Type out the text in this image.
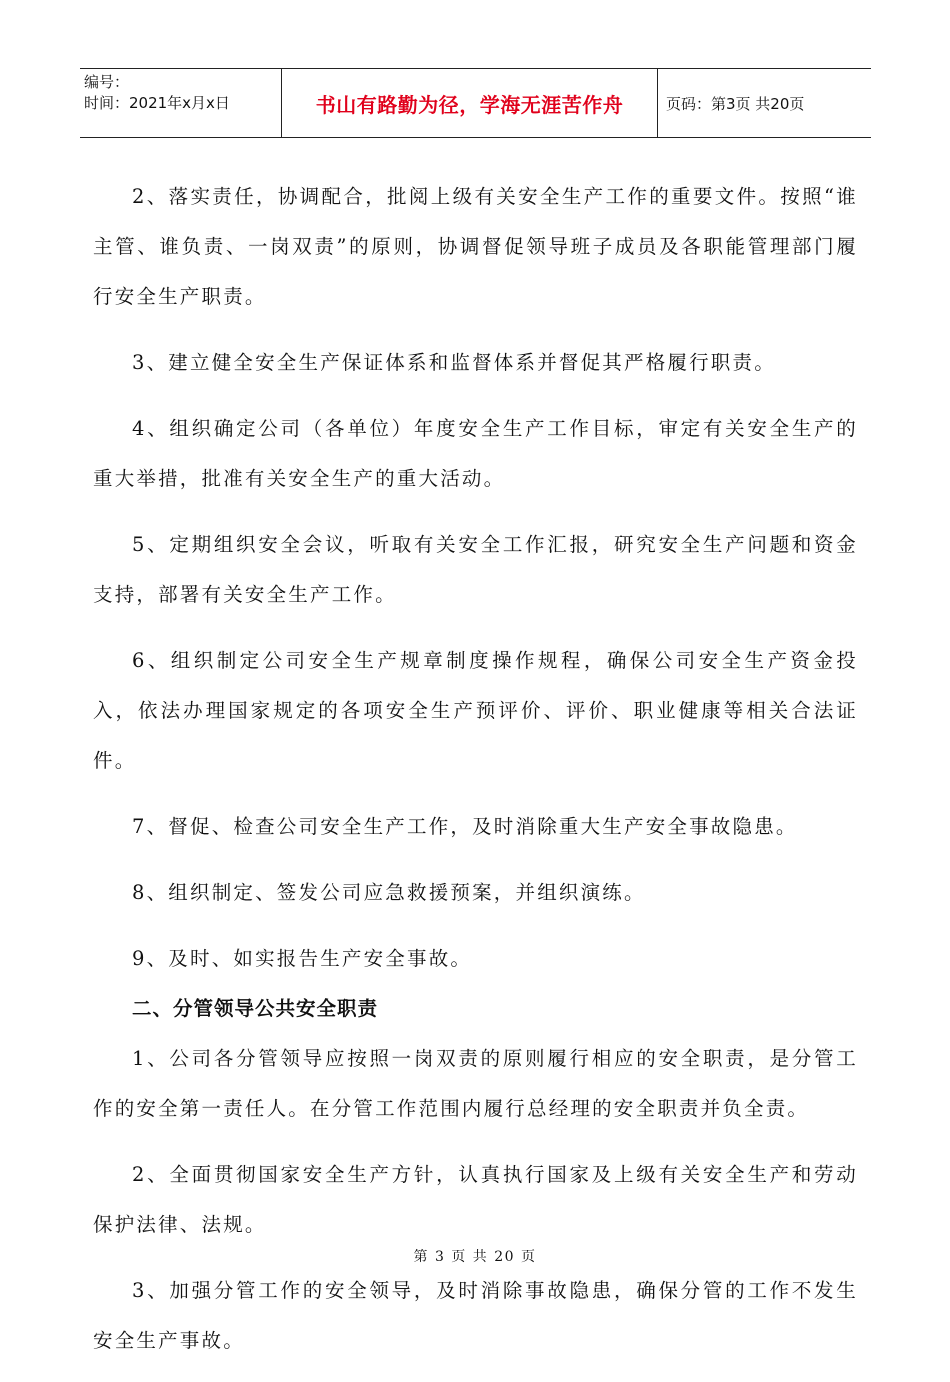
编号：
时间：2021年x月x日	书山有路勤为径，学海无涯苦作舟	页码：第3页 共20页

2、落实责任，协调配合，批阅上级有关安全生产工作的重要文件。按照“谁主管、谁负责、一岗双责”的原则，协调督促领导班子成员及各职能管理部门履行安全生产职责。

3、建立健全安全生产保证体系和监督体系并督促其严格履行职责。

4、组织确定公司（各单位）年度安全生产工作目标，审定有关安全生产的重大举措，批准有关安全生产的重大活动。

5、定期组织安全会议，听取有关安全工作汇报，研究安全生产问题和资金支持，部署有关安全生产工作。

6、组织制定公司安全生产规章制度操作规程，确保公司安全生产资金投入，依法办理国家规定的各项安全生产预评价、评价、职业健康等相关合法证件。

7、督促、检查公司安全生产工作，及时消除重大生产安全事故隐患。

8、组织制定、签发公司应急救援预案，并组织演练。

9、及时、如实报告生产安全事故。

二、分管领导公共安全职责

1、公司各分管领导应按照一岗双责的原则履行相应的安全职责，是分管工作的安全第一责任人。在分管工作范围内履行总经理的安全职责并负全责。

2、全面贯彻国家安全生产方针，认真执行国家及上级有关安全生产和劳动保护法律、法规。

3、加强分管工作的安全领导，及时消除事故隐患，确保分管的工作不发生安全生产事故。

第 3 页 共 20 页
